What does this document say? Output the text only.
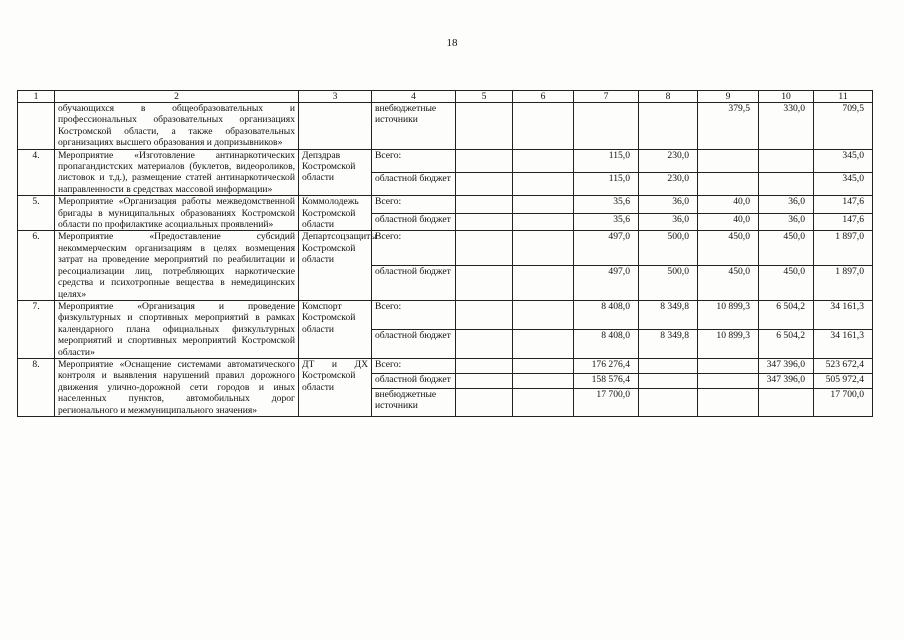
18
1	2	3	4	5	6	7	8	9	10	11
	обучающихся в общеобразовательных и профессиональных образовательных организациях Костромской области, а также образовательных организациях высшего образования и допризывников»		внебюджетные источники					379,5	330,0	709,5
4.	Мероприятие «Изготовление антинаркотических пропагандистских материалов (буклетов, видеороликов, листовок и т.д.), размещение статей антинаркотической направленности в средствах массовой информации»	Депздрав Костромской области	Всего:			115,0	230,0			345,0
			областной бюджет			115,0	230,0			345,0
5.	Мероприятие «Организация работы межведомственной бригады в муниципальных образованиях Костромской области по профилактике асоциальных проявлений»	Коммолодежь Костромской области	Всего:			35,6	36,0	40,0	36,0	147,6
			областной бюджет			35,6	36,0	40,0	36,0	147,6
6.	Мероприятие «Предоставление субсидий некоммерческим организациям в целях возмещения затрат на проведение мероприятий по реабилитации и ресоциализации лиц, потребляющих наркотические средства и психотропные вещества в немедицинских целях»	Департсоцзащиты Костромской области	Всего:			497,0	500,0	450,0	450,0	1 897,0
			областной бюджет			497,0	500,0	450,0	450,0	1 897,0
7.	Мероприятие «Организация и проведение физкультурных и спортивных мероприятий в рамках календарного плана официальных физкультурных мероприятий и спортивных мероприятий Костромской области»	Комспорт Костромской области	Всего:			8 408,0	8 349,8	10 899,3	6 504,2	34 161,3
			областной бюджет			8 408,0	8 349,8	10 899,3	6 504,2	34 161,3
8.	Мероприятие «Оснащение системами автоматического контроля и выявления нарушений правил дорожного движения улично-дорожной сети городов и иных населенных пунктов, автомобильных дорог регионального и межмуниципального значения»	ДТ и ДХ Костромской области	Всего:			176 276,4			347 396,0	523 672,4
			областной бюджет			158 576,4			347 396,0	505 972,4
			внебюджетные источники			17 700,0				17 700,0
